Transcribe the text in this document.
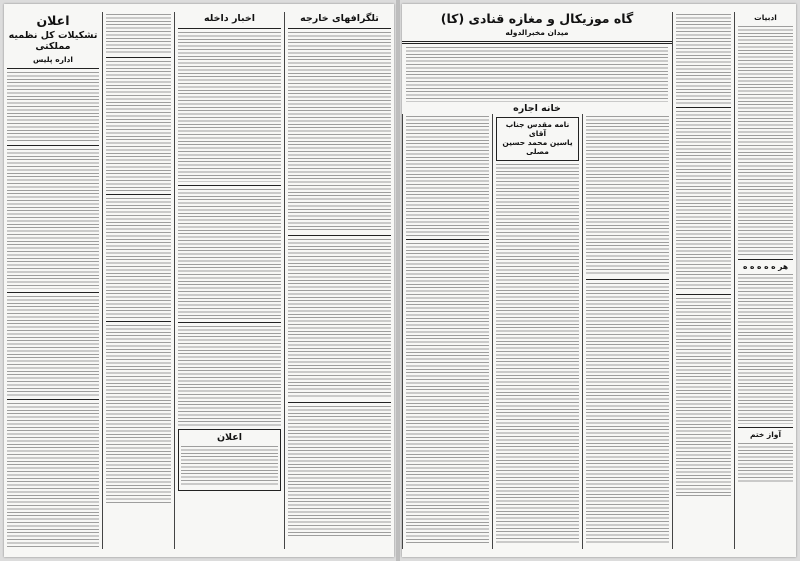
اعلان
تشکیلات کل نظمیه مملکتی
اداره پلیس
اخبار داخله
اعلان
تلگرافهای خارجه	گاه موزیکال و مغازه قنادی (کا)
میدان مخبرالدوله
خانه اجاره
نامه مقدس جناب آقای
یاسین محمد حسین مصلی
ادبیات
هر ه ه ه ه ه
آواز ختم
